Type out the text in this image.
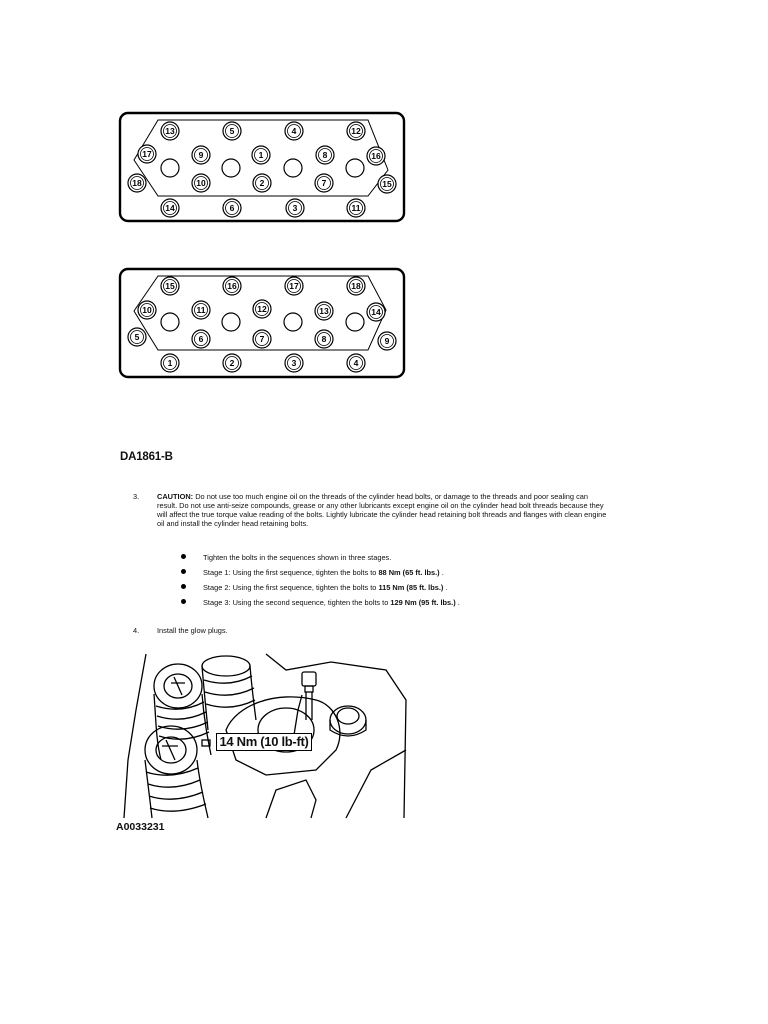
13	5	4	12
17	9	1	8	16
18	10	2	7	15
14	6	3	11
15	16	17	18
10	11	12	13	14
5	6	7	8	9
1	2	3	4
DA1861-B
3. CAUTION: Do not use too much engine oil on the threads of the cylinder head bolts, or damage to the threads and poor sealing can
result. Do not use anti-seize compounds, grease or any other lubricants except engine oil on the cylinder head bolt threads because they
will affect the true torque value reading of the bolts. Lightly lubricate the cylinder head retaining bolt threads and flanges with clean engine
oil and install the cylinder head retaining bolts.
Tighten the bolts in the sequences shown in three stages.
Stage 1: Using the first sequence, tighten the bolts to 88 Nm (65 ft. lbs.) .
Stage 2: Using the first sequence, tighten the bolts to 115 Nm (85 ft. lbs.) .
Stage 3: Using the second sequence, tighten the bolts to 129 Nm (95 ft. lbs.) .
4. Install the glow plugs.
14 Nm (10 lb-ft)
A0033231
